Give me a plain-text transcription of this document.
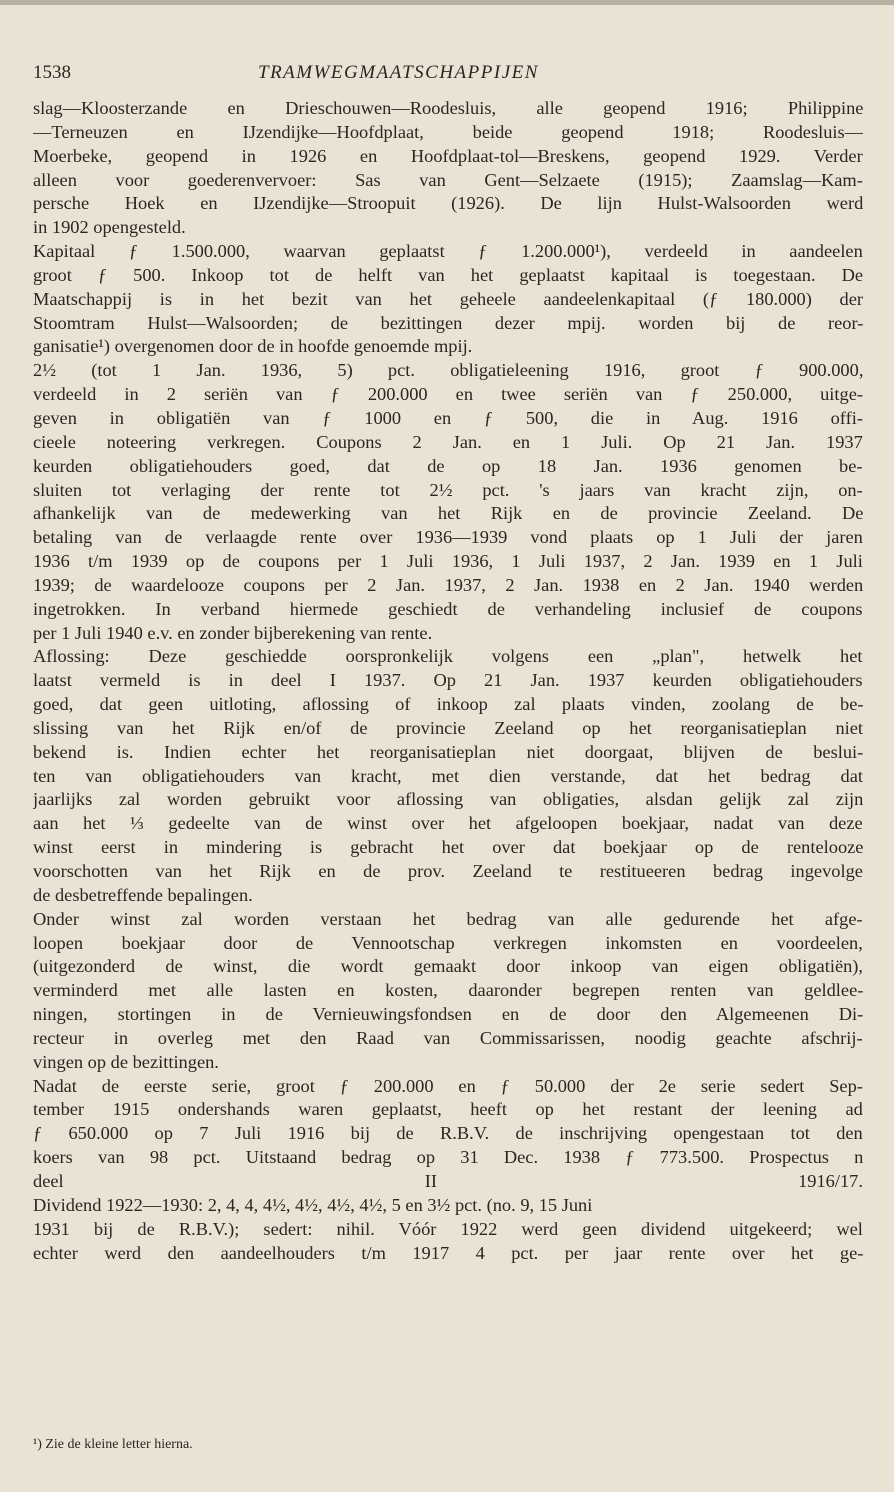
1538	TRAMWEGMAATSCHAPPIJEN
slag—Kloosterzande en Drieschouwen—Roodesluis, alle geopend 1916; Philippine
—Terneuzen en IJzendijke—Hoofdplaat, beide geopend 1918; Roodesluis—
Moerbeke, geopend in 1926 en Hoofdplaat-tol—Breskens, geopend 1929. Verder
alleen voor goederenvervoer: Sas van Gent—Selzaete (1915); Zaamslag—Kam-
persche Hoek en IJzendijke—Stroopuit (1926). De lijn Hulst-Walsoorden werd
in 1902 opengesteld.
Kapitaal ƒ 1.500.000, waarvan geplaatst ƒ 1.200.000¹), verdeeld in aandeelen
groot ƒ 500. Inkoop tot de helft van het geplaatst kapitaal is toegestaan. De
Maatschappij is in het bezit van het geheele aandeelenkapitaal (ƒ 180.000) der
Stoomtram Hulst—Walsoorden; de bezittingen dezer mpij. worden bij de reor-
ganisatie¹) overgenomen door de in hoofde genoemde mpij.
2½ (tot 1 Jan. 1936, 5) pct. obligatieleening 1916, groot ƒ 900.000,
verdeeld in 2 seriën van ƒ 200.000 en twee seriën van ƒ 250.000, uitge-
geven in obligatiën van ƒ 1000 en ƒ 500, die in Aug. 1916 offi-
cieele noteering verkregen. Coupons 2 Jan. en 1 Juli. Op 21 Jan. 1937
keurden obligatiehouders goed, dat de op 18 Jan. 1936 genomen be-
sluiten tot verlaging der rente tot 2½ pct. 's jaars van kracht zijn, on-
afhankelijk van de medewerking van het Rijk en de provincie Zeeland. De
betaling van de verlaagde rente over 1936—1939 vond plaats op 1 Juli der jaren
1936 t/m 1939 op de coupons per 1 Juli 1936, 1 Juli 1937, 2 Jan. 1939 en 1 Juli
1939; de waardelooze coupons per 2 Jan. 1937, 2 Jan. 1938 en 2 Jan. 1940 werden
ingetrokken. In verband hiermede geschiedt de verhandeling inclusief de coupons
per 1 Juli 1940 e.v. en zonder bijberekening van rente.
Aflossing: Deze geschiedde oorspronkelijk volgens een „plan", hetwelk het
laatst vermeld is in deel I 1937. Op 21 Jan. 1937 keurden obligatiehouders
goed, dat geen uitloting, aflossing of inkoop zal plaats vinden, zoolang de be-
slissing van het Rijk en/of de provincie Zeeland op het reorganisatieplan niet
bekend is. Indien echter het reorganisatieplan niet doorgaat, blijven de beslui-
ten van obligatiehouders van kracht, met dien verstande, dat het bedrag dat
jaarlijks zal worden gebruikt voor aflossing van obligaties, alsdan gelijk zal zijn
aan het ⅓ gedeelte van de winst over het afgeloopen boekjaar, nadat van deze
winst eerst in mindering is gebracht het over dat boekjaar op de rentelooze
voorschotten van het Rijk en de prov. Zeeland te restitueeren bedrag ingevolge
de desbetreffende bepalingen.
Onder winst zal worden verstaan het bedrag van alle gedurende het afge-
loopen boekjaar door de Vennootschap verkregen inkomsten en voordeelen,
(uitgezonderd de winst, die wordt gemaakt door inkoop van eigen obligatiën),
verminderd met alle lasten en kosten, daaronder begrepen renten van geldlee-
ningen, stortingen in de Vernieuwingsfondsen en de door den Algemeenen Di-
recteur in overleg met den Raad van Commissarissen, noodig geachte afschrij-
vingen op de bezittingen.
Nadat de eerste serie, groot ƒ 200.000 en ƒ 50.000 der 2e serie sedert Sep-
tember 1915 ondershands waren geplaatst, heeft op het restant der leening ad
ƒ 650.000 op 7 Juli 1916 bij de R.B.V. de inschrijving opengestaan tot den
koers van 98 pct. Uitstaand bedrag op 31 Dec. 1938 ƒ 773.500. Prospectus n
deel II 1916/17.
Dividend 1922—1930: 2, 4, 4, 4½, 4½, 4½, 4½, 5 en 3½ pct. (no. 9, 15 Juni
1931 bij de R.B.V.); sedert: nihil. Vóór 1922 werd geen dividend uitgekeerd; wel
echter werd den aandeelhouders t/m 1917 4 pct. per jaar rente over het ge-
¹) Zie de kleine letter hierna.
